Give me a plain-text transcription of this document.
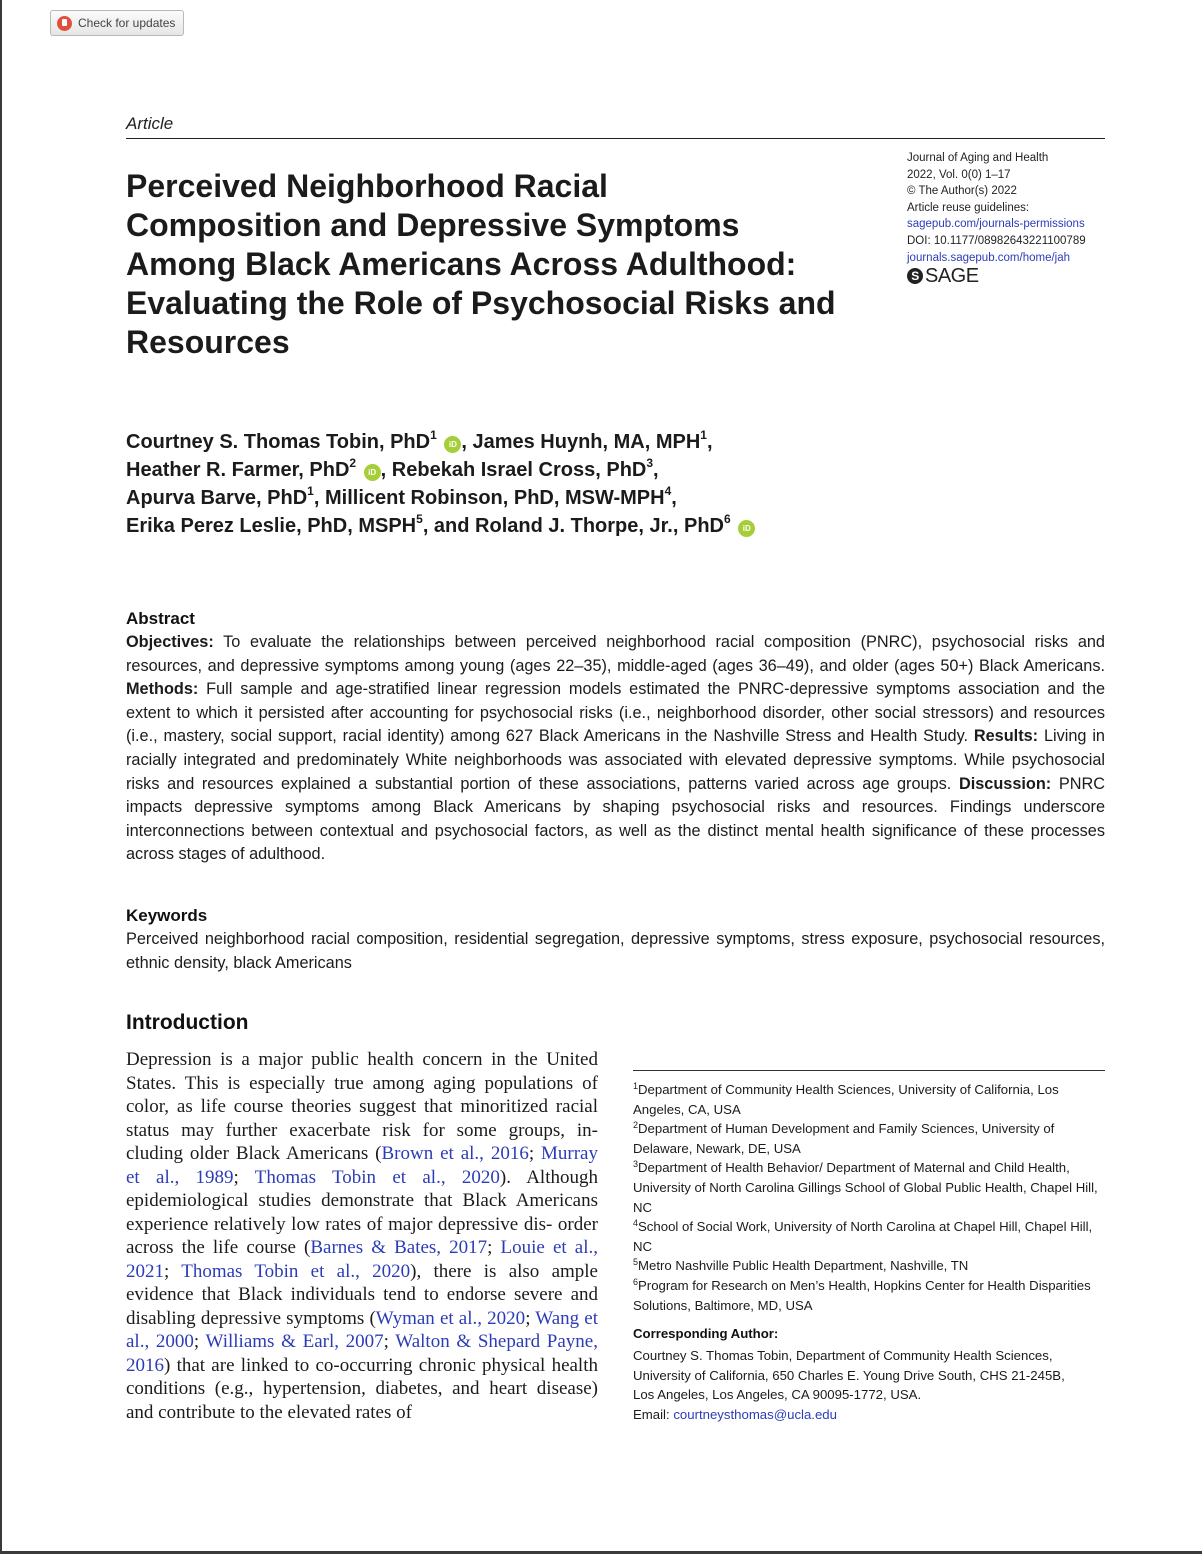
Check for updates
Article
Perceived Neighborhood Racial
Composition and Depressive Symptoms
Among Black Americans Across Adulthood:
Evaluating the Role of Psychosocial Risks and
Resources
Journal of Aging and Health
2022, Vol. 0(0) 1–17
© The Author(s) 2022
Article reuse guidelines:
sagepub.com/journals-permissions
DOI: 10.1177/08982643221100789
journals.sagepub.com/home/jah
S SAGE
Courtney S. Thomas Tobin, PhD$^1$ iD , James Huynh, MA, MPH$^1$,
Heather R. Farmer, PhD$^2$ iD , Rebekah Israel Cross, PhD$^3$,
Apurva Barve, PhD$^1$, Millicent Robinson, PhD, MSW-MPH$^4$,
Erika Perez Leslie, PhD, MSPH$^5$, and Roland J. Thorpe, Jr., PhD$^6$ iD
Abstract
Objectives: To evaluate the relationships between perceived neighborhood racial composition (PNRC), psychosocial risks and resources, and depressive symptoms among young (ages 22–35), middle-aged (ages 36–49), and older (ages 50+) Black Americans. Methods: Full sample and age-stratified linear regression models estimated the PNRC-depressive symptoms association and the extent to which it persisted after accounting for psychosocial risks (i.e., neighborhood disorder, other social stressors) and resources (i.e., mastery, social support, racial identity) among 627 Black Americans in the Nashville Stress and Health Study. Results: Living in racially integrated and predominately White neighborhoods was associated with elevated depressive symptoms. While psychosocial risks and resources explained a substantial portion of these associations, patterns varied across age groups. Discussion: PNRC impacts depressive symptoms among Black Americans by shaping psychosocial risks and resources. Findings underscore interconnections between contextual and psychosocial factors, as well as the distinct mental health significance of these processes across stages of adulthood.
Keywords
Perceived neighborhood racial composition, residential segregation, depressive symptoms, stress exposure, psychosocial resources, ethnic density, black Americans
Introduction
Depression is a major public health concern in the United States. This is especially true among aging populations of color, as life course theories suggest that minoritized racial status may further exacerbate risk for some groups, in- cluding older Black Americans (Brown et al., 2016; Murray et al., 1989; Thomas Tobin et al., 2020). Although epidemiological studies demonstrate that Black Americans experience relatively low rates of major depressive dis- order across the life course (Barnes & Bates, 2017; Louie et al., 2021; Thomas Tobin et al., 2020), there is also ample evidence that Black individuals tend to endorse severe and disabling depressive symptoms (Wyman et al., 2020; Wang et al., 2000; Williams & Earl, 2007; Walton & Shepard Payne, 2016) that are linked to co-occurring chronic physical health conditions (e.g., hypertension, diabetes, and heart disease) and contribute to the elevated rates of
$^1$Department of Community Health Sciences, University of California, Los Angeles, CA, USA
$^2$Department of Human Development and Family Sciences, University of Delaware, Newark, DE, USA
$^3$Department of Health Behavior/ Department of Maternal and Child Health, University of North Carolina Gillings School of Global Public Health, Chapel Hill, NC
$^4$School of Social Work, University of North Carolina at Chapel Hill, Chapel Hill, NC
$^5$Metro Nashville Public Health Department, Nashville, TN
$^6$Program for Research on Men’s Health, Hopkins Center for Health Disparities Solutions, Baltimore, MD, USA
Corresponding Author:
Courtney S. Thomas Tobin, Department of Community Health Sciences,
University of California, 650 Charles E. Young Drive South, CHS 21-245B,
Los Angeles, Los Angeles, CA 90095-1772, USA.
Email: courtneysthomas@ucla.edu
